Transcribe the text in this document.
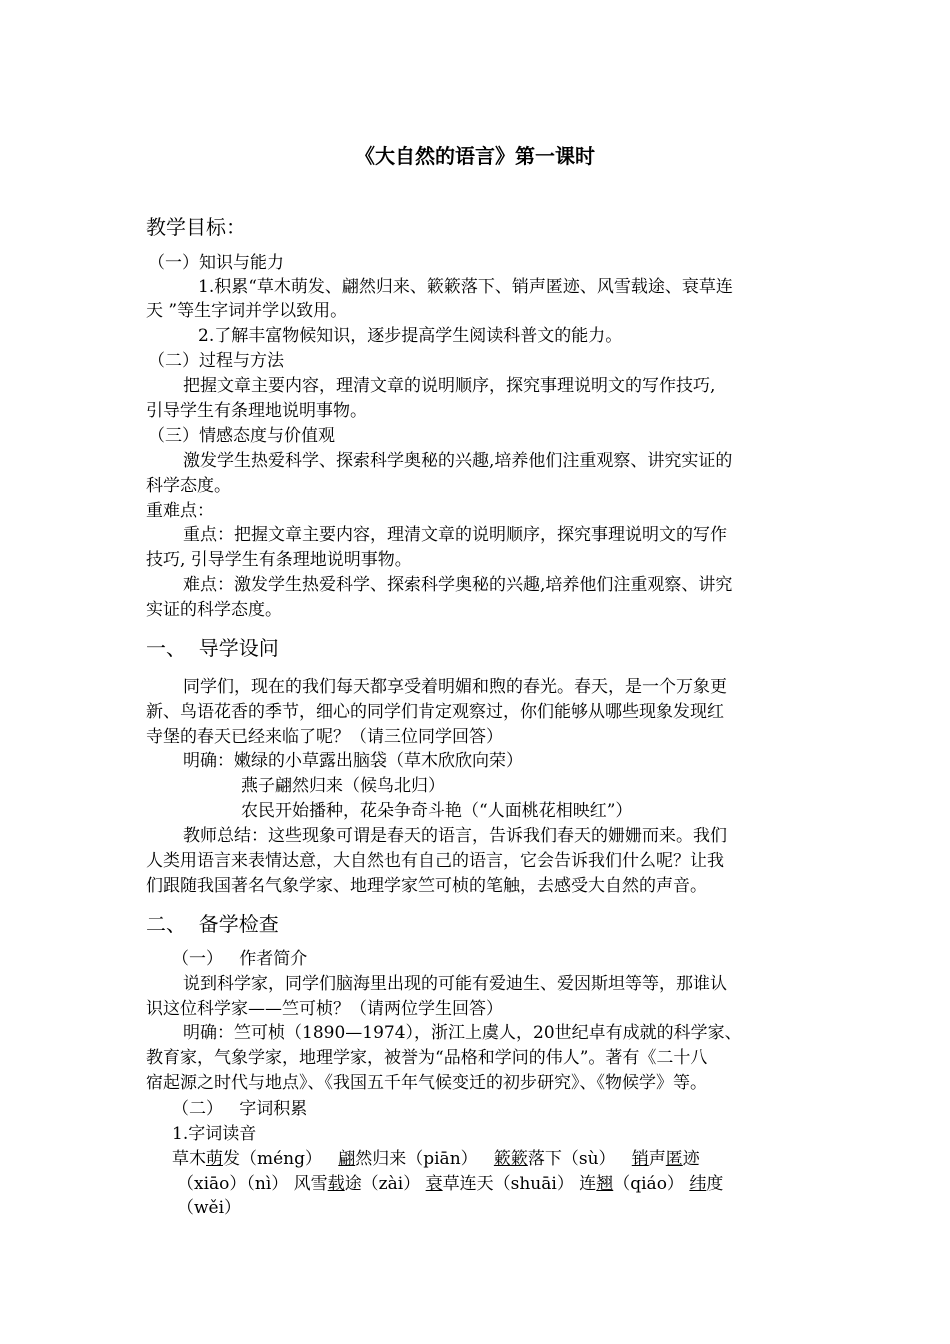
《大自然的语言》第一课时
教学目标：
（一）知识与能力
1.积累“草木萌发、翩然归来、簌簌落下、销声匿迹、风雪载途、衰草连
天 ”等生字词并学以致用。
2.了解丰富物候知识，逐步提高学生阅读科普文的能力。
（二）过程与方法
把握文章主要内容，理清文章的说明顺序，探究事理说明文的写作技巧,
引导学生有条理地说明事物。
（三）情感态度与价值观
激发学生热爱科学、探索科学奥秘的兴趣,培养他们注重观察、讲究实证的
科学态度。
重难点：
重点：把握文章主要内容，理清文章的说明顺序，探究事理说明文的写作
技巧, 引导学生有条理地说明事物。
难点：激发学生热爱科学、探索科学奥秘的兴趣,培养他们注重观察、讲究
实证的科学态度。
一、  导学设问
同学们，现在的我们每天都享受着明媚和煦的春光。春天，是一个万象更
新、鸟语花香的季节，细心的同学们肯定观察过，你们能够从哪些现象发现红
寺堡的春天已经来临了呢？（请三位同学回答）
明确：嫩绿的小草露出脑袋（草木欣欣向荣）
燕子翩然归来（候鸟北归）
农民开始播种，花朵争奇斗艳（“人面桃花相映红”）
教师总结：这些现象可谓是春天的语言，告诉我们春天的姗姗而来。我们
人类用语言来表情达意，大自然也有自己的语言，它会告诉我们什么呢？让我
们跟随我国著名气象学家、地理学家竺可桢的笔触，去感受大自然的声音。
二、  备学检查
（一）   作者简介
说到科学家，同学们脑海里出现的可能有爱迪生、爱因斯坦等等，那谁认
识这位科学家——竺可桢？（请两位学生回答）
明确：竺可桢（1890—1974），浙江上虞人，20世纪卓有成就的科学家、
教育家，气象学家，地理学家，被誉为“品格和学问的伟人”。著有《二十八
宿起源之时代与地点》、《我国五千年气候变迁的初步研究》、《物候学》等。
（二）   字词积累
1.字词读音
草木萌发（méng） 翩然归来（piān） 簌簌落下（sù） 销声匿迹
（xiāo）（nì） 风雪载途（zài） 衰草连天（shuāi） 连翘（qiáo） 纬度
（wěi）
